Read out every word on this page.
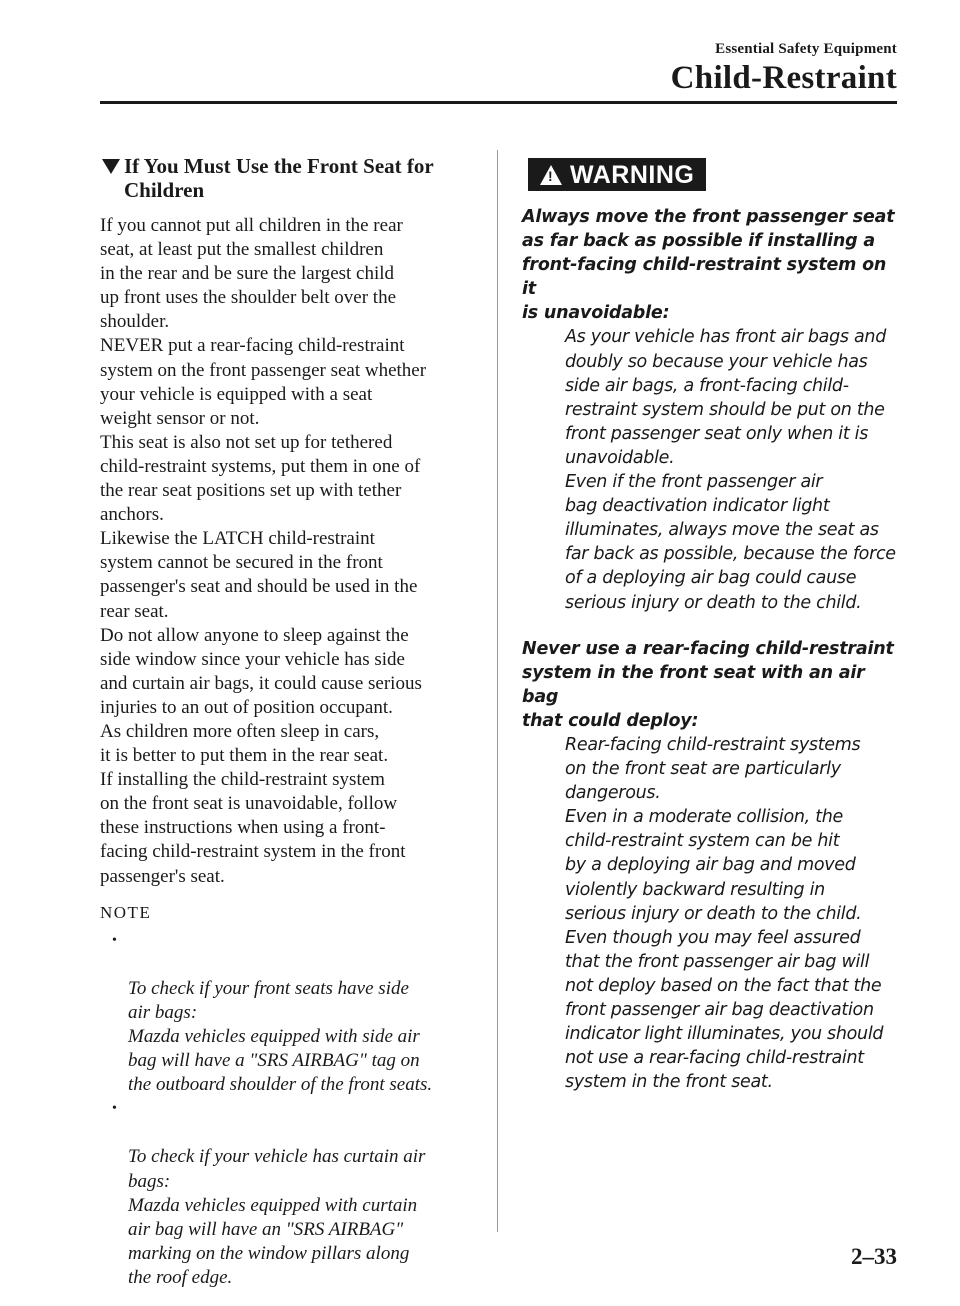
Essential Safety Equipment
Child-Restraint
If You Must Use the Front Seat for
Children

If you cannot put all children in the rear
seat, at least put the smallest children
in the rear and be sure the largest child
up front uses the shoulder belt over the
shoulder.
NEVER put a rear-facing child-restraint
system on the front passenger seat whether
your vehicle is equipped with a seat
weight sensor or not.
This seat is also not set up for tethered
child-restraint systems, put them in one of
the rear seat positions set up with tether
anchors.
Likewise the LATCH child-restraint
system cannot be secured in the front
passenger's seat and should be used in the
rear seat.
Do not allow anyone to sleep against the
side window since your vehicle has side
and curtain air bags, it could cause serious
injuries to an out of position occupant.
As children more often sleep in cars,
it is better to put them in the rear seat.
If installing the child-restraint system
on the front seat is unavoidable, follow
these instructions when using a front-
facing child-restraint system in the front
passenger's seat.

NOTE

•

To check if your front seats have side
air bags:
Mazda vehicles equipped with side air
bag will have a "SRS AIRBAG" tag on
the outboard shoulder of the front seats.

•

To check if your vehicle has curtain air
bags:
Mazda vehicles equipped with curtain
air bag will have an "SRS AIRBAG"
marking on the window pillars along
the roof edge.

! WARNING

Always move the front passenger seat
as far back as possible if installing a
front-facing child-restraint system on it
is unavoidable:

As your vehicle has front air bags and
doubly so because your vehicle has
side air bags, a front-facing child-
restraint system should be put on the
front passenger seat only when it is
unavoidable.
Even if the front passenger air
bag deactivation indicator light
illuminates, always move the seat as
far back as possible, because the force
of a deploying air bag could cause
serious injury or death to the child.

Never use a rear-facing child-restraint
system in the front seat with an air bag
that could deploy:

Rear-facing child-restraint systems
on the front seat are particularly
dangerous.
Even in a moderate collision, the
child-restraint system can be hit
by a deploying air bag and moved
violently backward resulting in
serious injury or death to the child.
Even though you may feel assured
that the front passenger air bag will
not deploy based on the fact that the
front passenger air bag deactivation
indicator light illuminates, you should
not use a rear-facing child-restraint
system in the front seat.

2–33
